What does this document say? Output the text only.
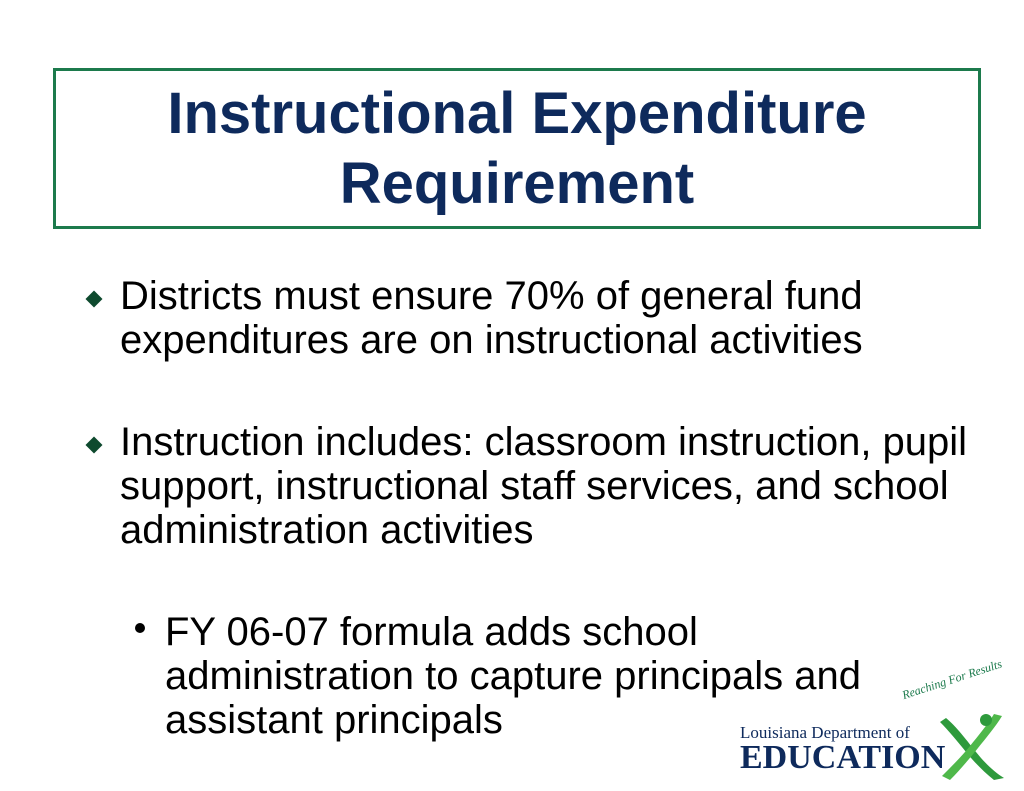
Instructional Expenditure Requirement
Districts must ensure 70% of general fund expenditures are on instructional activities
Instruction includes: classroom instruction, pupil support, instructional staff services, and school administration activities
FY 06-07 formula adds school administration to capture principals and assistant principals
Reaching For Results
Louisiana Department of
EDUCATION
